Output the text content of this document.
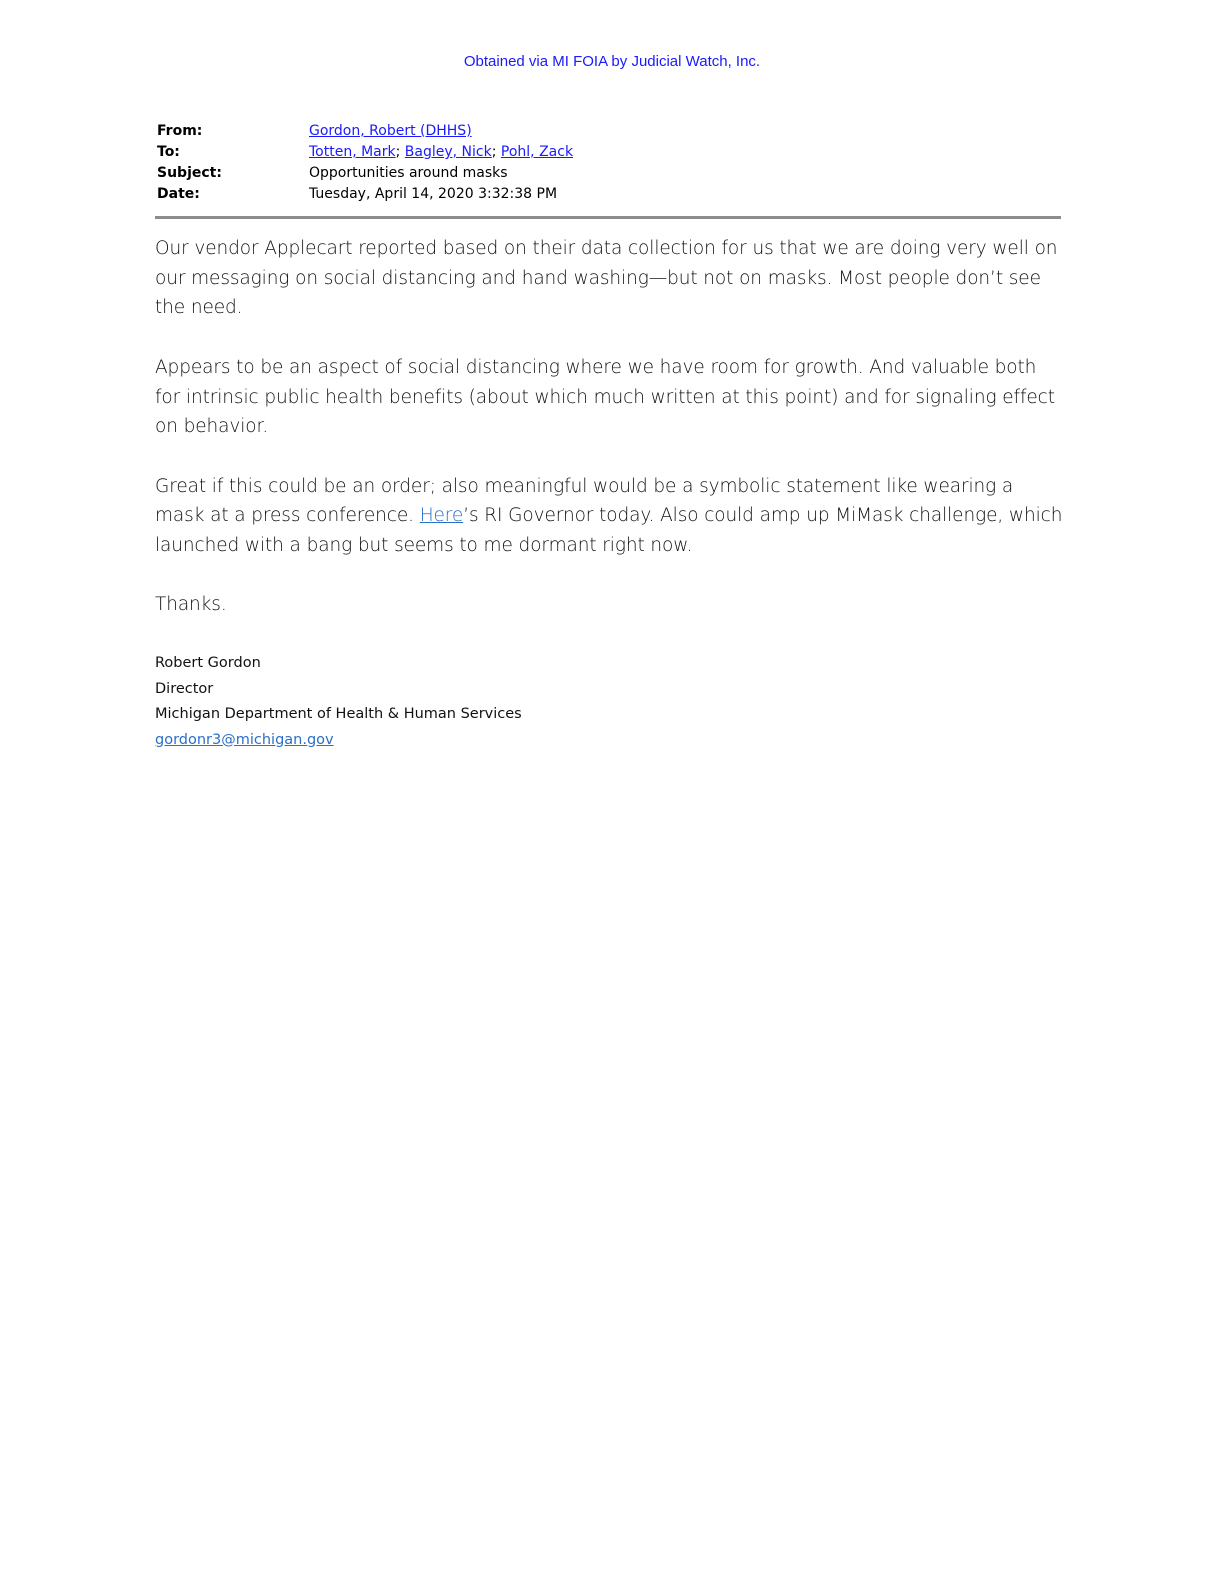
Obtained via MI FOIA by Judicial Watch, Inc.
From:	Gordon, Robert (DHHS)
To:	Totten, Mark; Bagley, Nick; Pohl, Zack
Subject:	Opportunities around masks
Date:	Tuesday, April 14, 2020 3:32:38 PM

Our vendor Applecart reported based on their data collection for us that we are doing very well on our messaging on social distancing and hand washing—but not on masks. Most people don’t see the need.

Appears to be an aspect of social distancing where we have room for growth. And valuable both for intrinsic public health benefits (about which much written at this point) and for signaling effect on behavior.

Great if this could be an order; also meaningful would be a symbolic statement like wearing a mask at a press conference. Here’s RI Governor today. Also could amp up MiMask challenge, which launched with a bang but seems to me dormant right now.

Thanks.

Robert Gordon
Director
Michigan Department of Health & Human Services
gordonr3@michigan.gov
